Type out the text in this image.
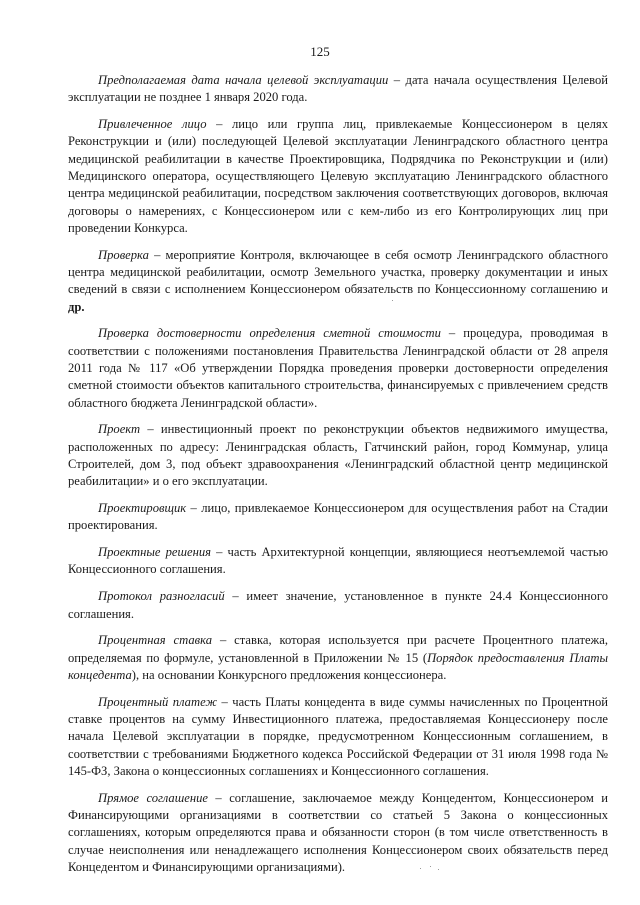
125

Предполагаемая дата начала целевой эксплуатации – дата начала осуществления Целевой эксплуатации не позднее 1 января 2020 года.

Привлеченное лицо – лицо или группа лиц, привлекаемые Концессионером в целях Реконструкции и (или) последующей Целевой эксплуатации Ленинградского областного центра медицинской реабилитации в качестве Проектировщика, Подрядчика по Реконструкции и (или) Медицинского оператора, осуществляющего Целевую эксплуатацию Ленинградского областного центра медицинской реабилитации, посредством заключения соответствующих договоров, включая договоры о намерениях, с Концессионером или с кем-либо из его Контролирующих лиц при проведении Конкурса.

Проверка – мероприятие Контроля, включающее в себя осмотр Ленинградского областного центра медицинской реабилитации, осмотр Земельного участка, проверку документации и иных сведений в связи с исполнением Концессионером обязательств по Концессионному соглашению и др.

Проверка достоверности определения сметной стоимости – процедура, проводимая в соответствии с положениями постановления Правительства Ленинградской области от 28 апреля 2011 года № 117 «Об утверждении Порядка проведения проверки достоверности определения сметной стоимости объектов капитального строительства, финансируемых с привлечением средств областного бюджета Ленинградской области».

Проект – инвестиционный проект по реконструкции объектов недвижимого имущества, расположенных по адресу: Ленинградская область, Гатчинский район, город Коммунар, улица Строителей, дом 3, под объект здравоохранения «Ленинградский областной центр медицинской реабилитации» и о его эксплуатации.

Проектировщик – лицо, привлекаемое Концессионером для осуществления работ на Стадии проектирования.

Проектные решения – часть Архитектурной концепции, являющиеся неотъемлемой частью Концессионного соглашения.

Протокол разногласий – имеет значение, установленное в пункте 24.4 Концессионного соглашения.

Процентная ставка – ставка, которая используется при расчете Процентного платежа, определяемая по формуле, установленной в Приложении № 15 (Порядок предоставления Платы концедента), на основании Конкурсного предложения концессионера.

Процентный платеж – часть Платы концедента в виде суммы начисленных по Процентной ставке процентов на сумму Инвестиционного платежа, предоставляемая Концессионеру после начала Целевой эксплуатации в порядке, предусмотренном Концессионным соглашением, в соответствии с требованиями Бюджетного кодекса Российской Федерации от 31 июля 1998 года № 145-ФЗ, Закона о концессионных соглашениях и Концессионного соглашения.

Прямое соглашение – соглашение, заключаемое между Концедентом, Концессионером и Финансирующими организациями в соответствии со статьей 5 Закона о концессионных соглашениях, которым определяются права и обязанности сторон (в том числе ответственность в случае неисполнения или ненадлежащего исполнения Концессионером своих обязательств перед Концедентом и Финансирующими организациями).
